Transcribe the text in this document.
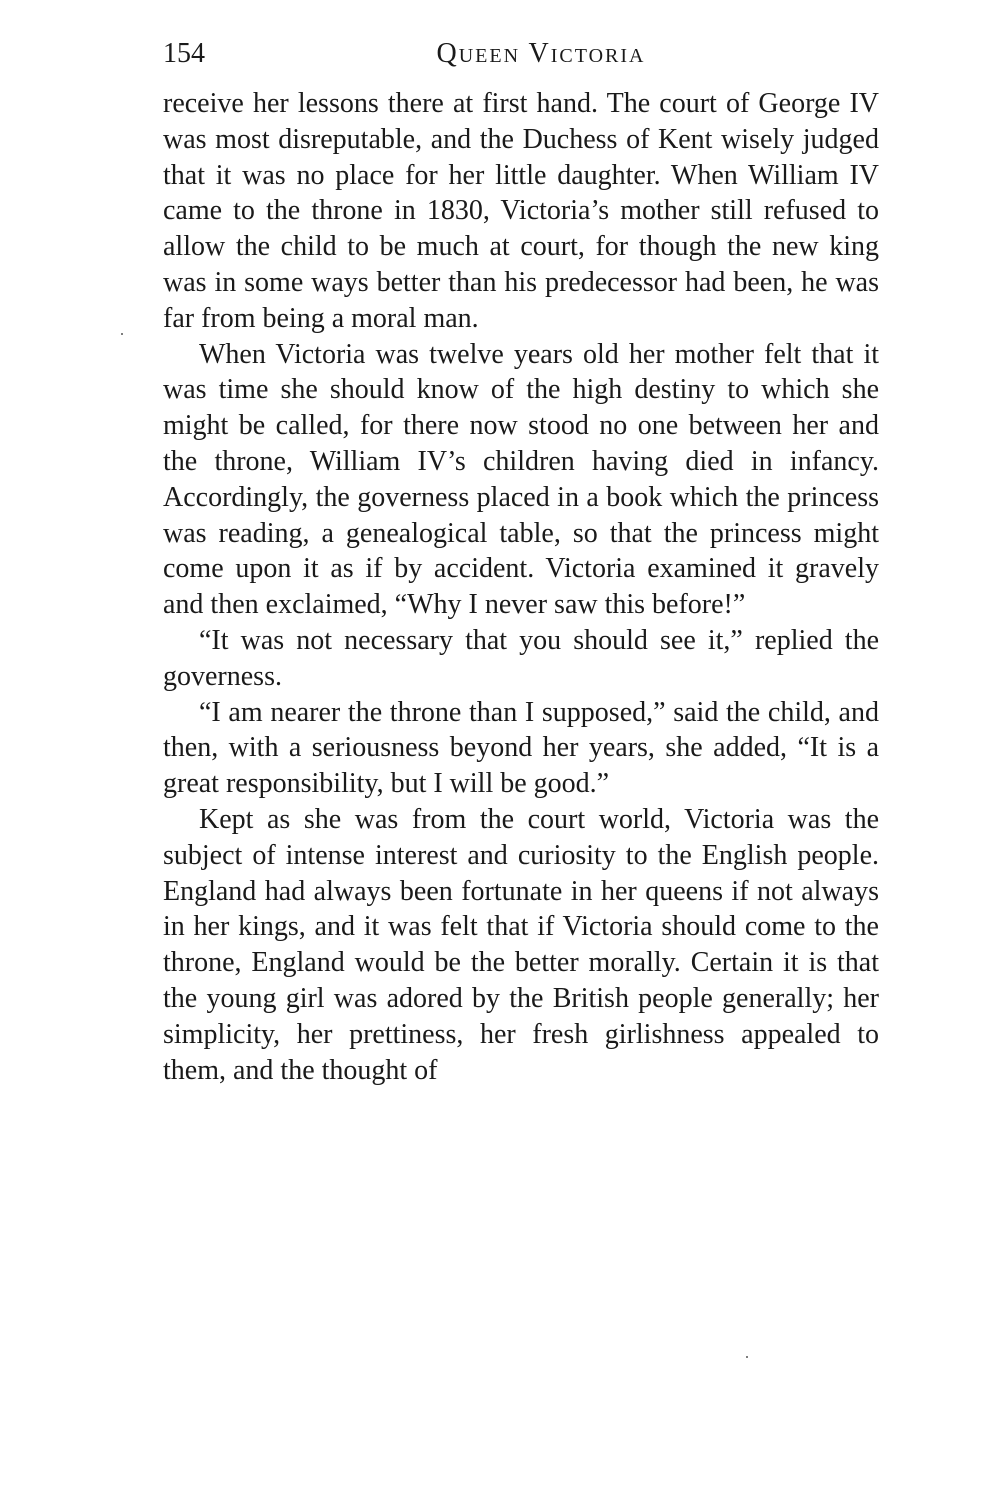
154	Queen Victoria

receive her lessons there at first hand. The court of George IV was most disreputable, and the Duchess of Kent wisely judged that it was no place for her little daughter. When William IV came to the throne in 1830, Victoria’s mother still refused to allow the child to be much at court, for though the new king was in some ways better than his predecessor had been, he was far from being a moral man.

When Victoria was twelve years old her mother felt that it was time she should know of the high destiny to which she might be called, for there now stood no one between her and the throne, William IV’s children having died in infancy. Accordingly, the governess placed in a book which the princess was reading, a genealogical table, so that the princess might come upon it as if by accident. Victoria examined it gravely and then exclaimed, “Why I never saw this before!”

“It was not necessary that you should see it,” replied the governess.

“I am nearer the throne than I supposed,” said the child, and then, with a seriousness beyond her years, she added, “It is a great responsibility, but I will be good.”

Kept as she was from the court world, Victoria was the subject of intense interest and curiosity to the English people. England had always been fortunate in her queens if not always in her kings, and it was felt that if Victoria should come to the throne, England would be the better morally. Certain it is that the young girl was adored by the British people generally; her simplicity, her prettiness, her fresh girlishness appealed to them, and the thought of
